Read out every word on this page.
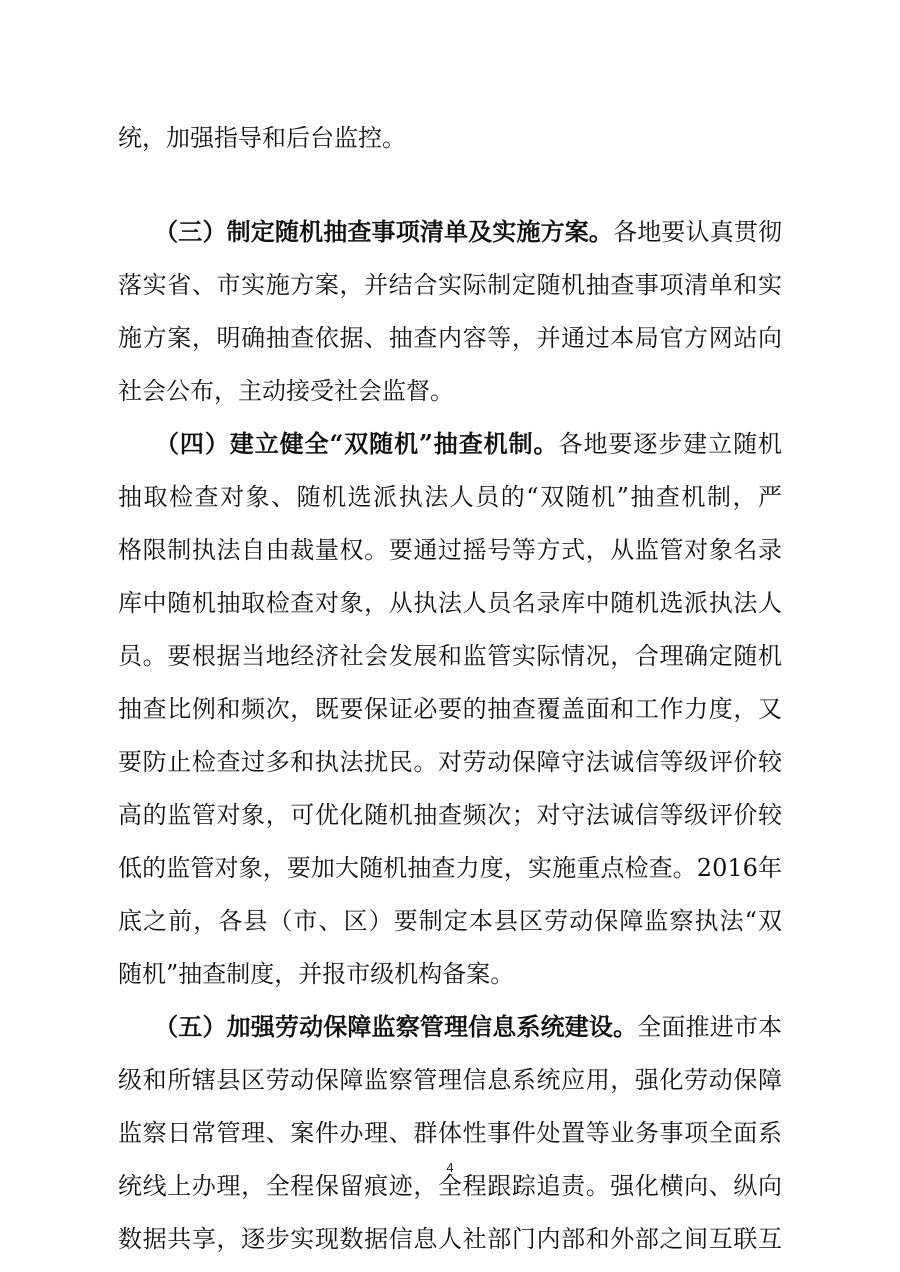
统，加强指导和后台监控。
（三）制定随机抽查事项清单及实施方案。各地要认真贯彻
落实省、市实施方案，并结合实际制定随机抽查事项清单和实
施方案，明确抽查依据、抽查内容等，并通过本局官方网站向
社会公布，主动接受社会监督。
（四）建立健全“双随机”抽查机制。各地要逐步建立随机
抽取检查对象、随机选派执法人员的“双随机”抽查机制，严
格限制执法自由裁量权。要通过摇号等方式，从监管对象名录
库中随机抽取检查对象，从执法人员名录库中随机选派执法人
员。要根据当地经济社会发展和监管实际情况，合理确定随机
抽查比例和频次，既要保证必要的抽查覆盖面和工作力度，又
要防止检查过多和执法扰民。对劳动保障守法诚信等级评价较
高的监管对象，可优化随机抽查频次；对守法诚信等级评价较
低的监管对象，要加大随机抽查力度，实施重点检查。2016年
底之前，各县（市、区）要制定本县区劳动保障监察执法“双
随机”抽查制度，并报市级机构备案。
（五）加强劳动保障监察管理信息系统建设。全面推进市本
级和所辖县区劳动保障监察管理信息系统应用，强化劳动保障
监察日常管理、案件办理、群体性事件处置等业务事项全面系
统线上办理，全程保留痕迹，全程跟踪追责。强化横向、纵向
数据共享，逐步实现数据信息人社部门内部和外部之间互联互
4
